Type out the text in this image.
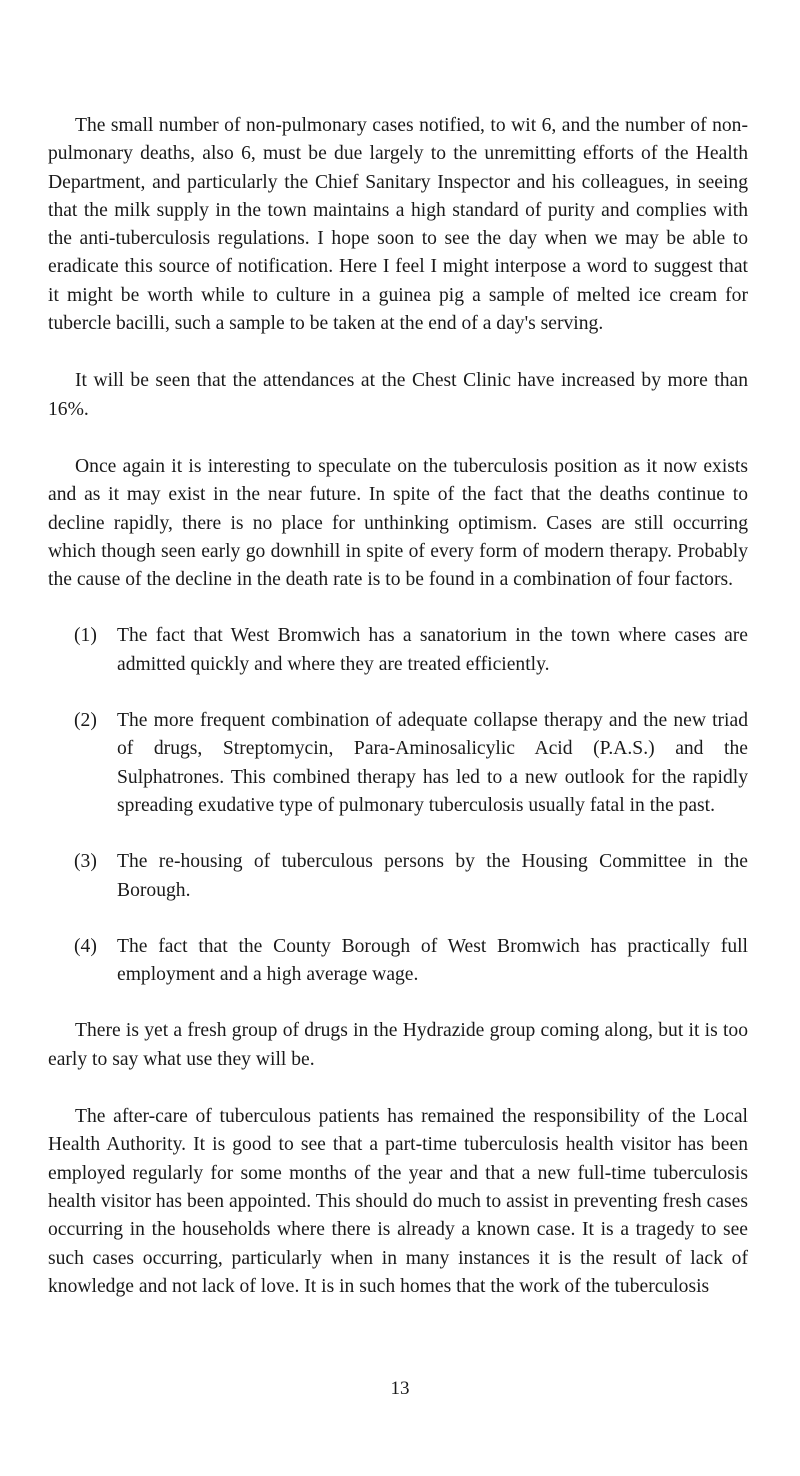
The small number of non-pulmonary cases notified, to wit 6, and the number of non-pulmonary deaths, also 6, must be due largely to the unremitting efforts of the Health Department, and particularly the Chief Sanitary Inspector and his colleagues, in seeing that the milk supply in the town maintains a high standard of purity and complies with the anti-tuberculosis regulations. I hope soon to see the day when we may be able to eradicate this source of notification. Here I feel I might interpose a word to suggest that it might be worth while to culture in a guinea pig a sample of melted ice cream for tubercle bacilli, such a sample to be taken at the end of a day's serving.

It will be seen that the attendances at the Chest Clinic have increased by more than 16%.

Once again it is interesting to speculate on the tuberculosis position as it now exists and as it may exist in the near future. In spite of the fact that the deaths continue to decline rapidly, there is no place for unthinking optimism. Cases are still occurring which though seen early go downhill in spite of every form of modern therapy. Probably the cause of the decline in the death rate is to be found in a combination of four factors.

(1)	The fact that West Bromwich has a sanatorium in the town where cases are admitted quickly and where they are treated efficiently.
(2)	The more frequent combination of adequate collapse therapy and the new triad of drugs, Streptomycin, Para-Aminosalicylic Acid (P.A.S.) and the Sulphatrones. This combined therapy has led to a new outlook for the rapidly spreading exudative type of pulmonary tuberculosis usually fatal in the past.
(3)	The re-housing of tuberculous persons by the Housing Committee in the Borough.
(4)	The fact that the County Borough of West Bromwich has practically full employment and a high average wage.

There is yet a fresh group of drugs in the Hydrazide group coming along, but it is too early to say what use they will be.

The after-care of tuberculous patients has remained the responsibility of the Local Health Authority. It is good to see that a part-time tuberculosis health visitor has been employed regularly for some months of the year and that a new full-time tuberculosis health visitor has been appointed. This should do much to assist in preventing fresh cases occurring in the households where there is already a known case. It is a tragedy to see such cases occurring, particularly when in many instances it is the result of lack of knowledge and not lack of love. It is in such homes that the work of the tuberculosis

13
